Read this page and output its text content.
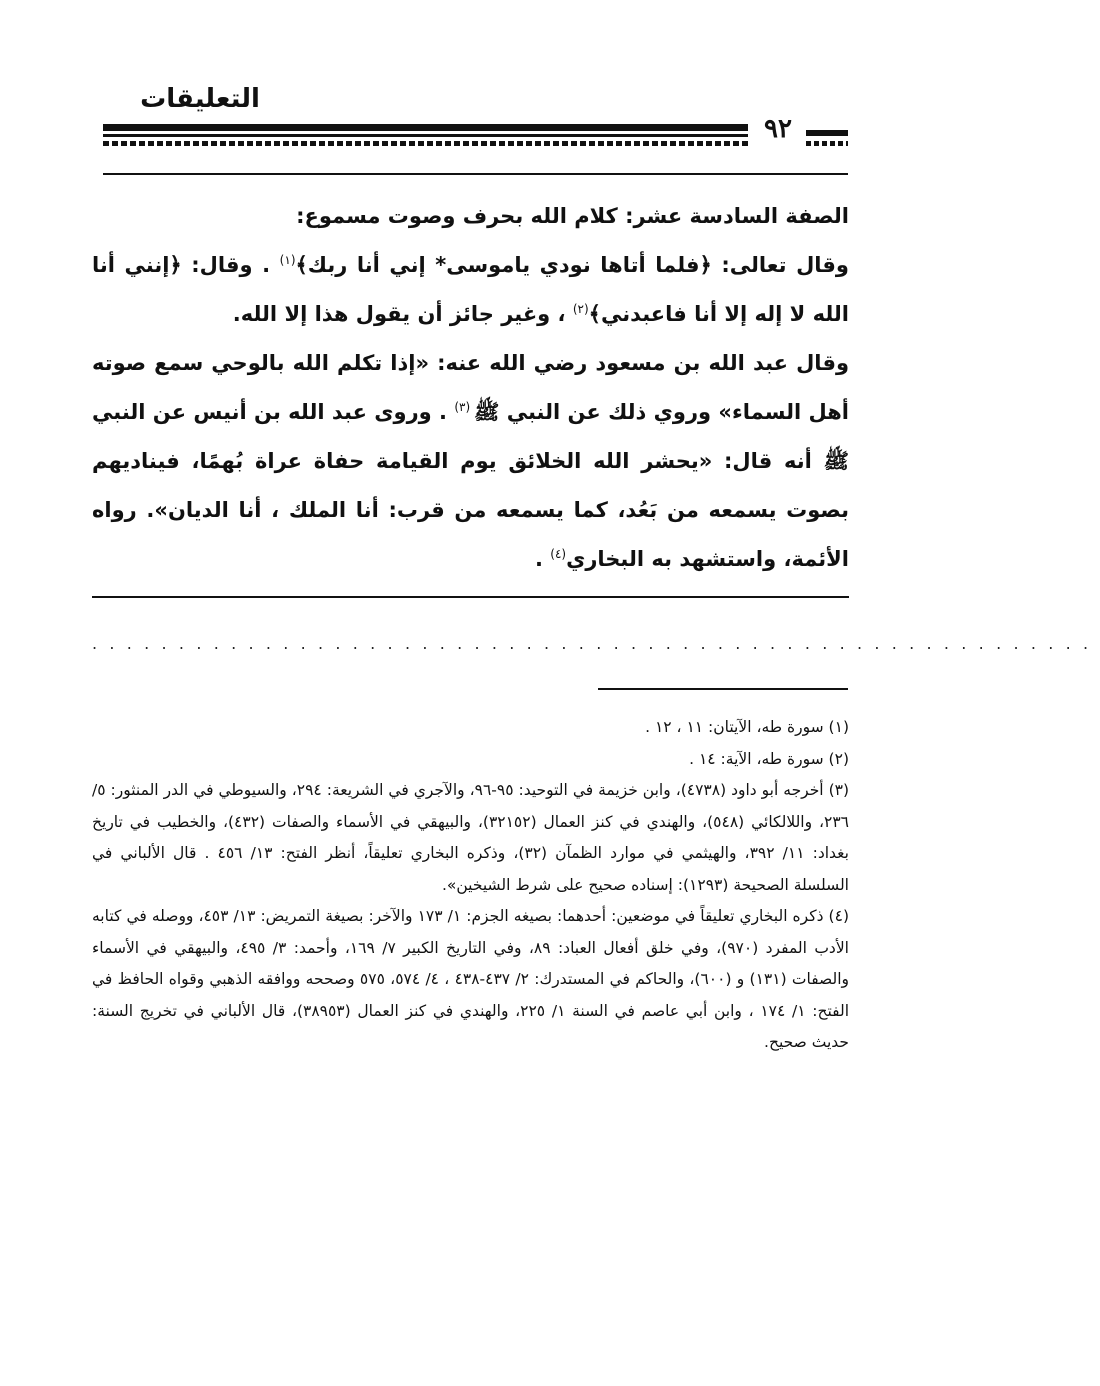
التعليقات
٩٢

الصفة السادسة عشر: كلام الله بحرف وصوت مسموع:

وقال تعالى: ﴿فلما أتاها نودي ياموسى* إني أنا ربك﴾$^{(١)}$ . وقال: ﴿إنني أنا الله لا إله إلا أنا فاعبدني﴾$^{(٢)}$ ، وغير جائز أن يقول هذا إلا الله.

وقال عبد الله بن مسعود رضي الله عنه: «إذا تكلم الله بالوحي سمع صوته أهل السماء» وروي ذلك عن النبي ﷺ $^{(٣)}$ . وروى عبد الله بن أنيس عن النبي ﷺ أنه قال: «يحشر الله الخلائق يوم القيامة حفاة عراة بُهمًا، فيناديهم بصوت يسمعه من بَعُد، كما يسمعه من قرب: أنا الملك ، أنا الديان». رواه الأئمة، واستشهد به البخاري$^{(٤)}$ .

..........................................................

(١) سورة طه، الآيتان: ١١ ، ١٢ .

(٢) سورة طه، الآية: ١٤ .

(٣) أخرجه أبو داود (٤٧٣٨)، وابن خزيمة في التوحيد: ٩٥-٩٦، والآجري في الشريعة: ٢٩٤، والسيوطي في الدر المنثور: ٥/ ٢٣٦، واللالكائي (٥٤٨)، والهندي في كنز العمال (٣٢١٥٢)، والبيهقي في الأسماء والصفات (٤٣٢)، والخطيب في تاريخ بغداد: ١١/ ٣٩٢، والهيثمي في موارد الظمآن (٣٢)، وذكره البخاري تعليقاً، أنظر الفتح: ١٣/ ٤٥٦ . قال الألباني في السلسلة الصحيحة (١٢٩٣): إسناده صحيح على شرط الشيخين».

(٤) ذكره البخاري تعليقاً في موضعين: أحدهما: بصيغه الجزم: ١/ ١٧٣ والآخر: بصيغة التمريض: ١٣/ ٤٥٣، ووصله في كتابه الأدب المفرد (٩٧٠)، وفي خلق أفعال العباد: ٨٩، وفي التاريخ الكبير ٧/ ١٦٩، وأحمد: ٣/ ٤٩٥، والبيهقي في الأسماء والصفات (١٣١) و (٦٠٠)، والحاكم في المستدرك: ٢/ ٤٣٧-٤٣٨ ، ٤/ ٥٧٤، ٥٧٥ وصححه ووافقه الذهبي وقواه الحافظ في الفتح: ١/ ١٧٤ ، وابن أبي عاصم في السنة ١/ ٢٢٥، والهندي في كنز العمال (٣٨٩٥٣)، قال الألباني في تخريج السنة: حديث صحيح.
